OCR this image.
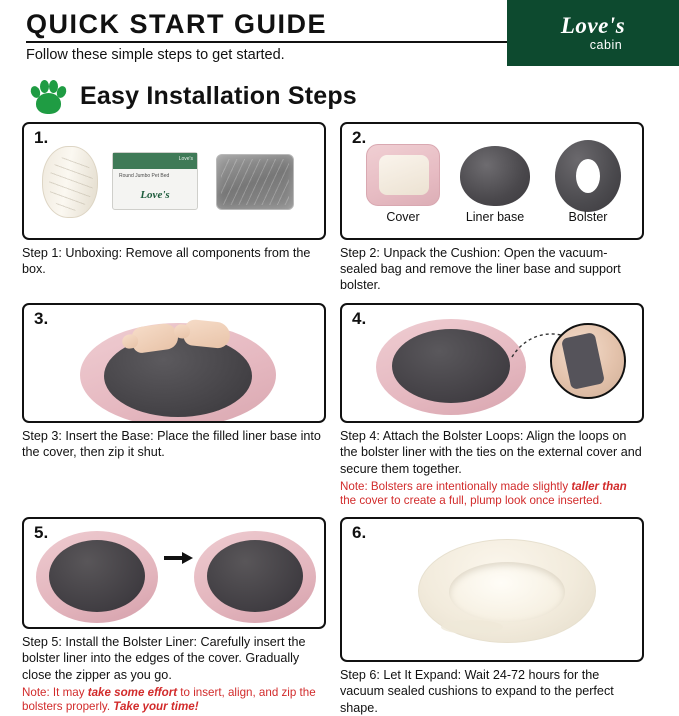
QUICK START GUIDE
Follow these simple steps to get started.
Love's
cabin
Easy Installation Steps
1.
Love's
Round Jumbo Pet Bed
Love's
Step 1: Unboxing: Remove all components from the box.
2.
Cover	Liner base	Bolster
Step 2: Unpack the Cushion: Open the vacuum-sealed bag and remove the liner base and support bolster.
3.
Step 3: Insert the Base: Place the filled liner base into the cover, then zip it shut.
4.
Step 4: Attach the Bolster Loops: Align the loops on the bolster liner with the ties on the external cover and secure them together.
Note: Bolsters are intentionally made slightly taller than the cover to create a full, plump look once inserted.
5.
Step 5: Install the Bolster Liner: Carefully insert the bolster liner into the edges of the cover. Gradually close the zipper as you go.
Note: It may take some effort to insert, align, and zip the bolsters properly. Take your time!
6.
Step 6: Let It Expand: Wait 24-72 hours for the vacuum sealed cushions to expand to the perfect shape.
